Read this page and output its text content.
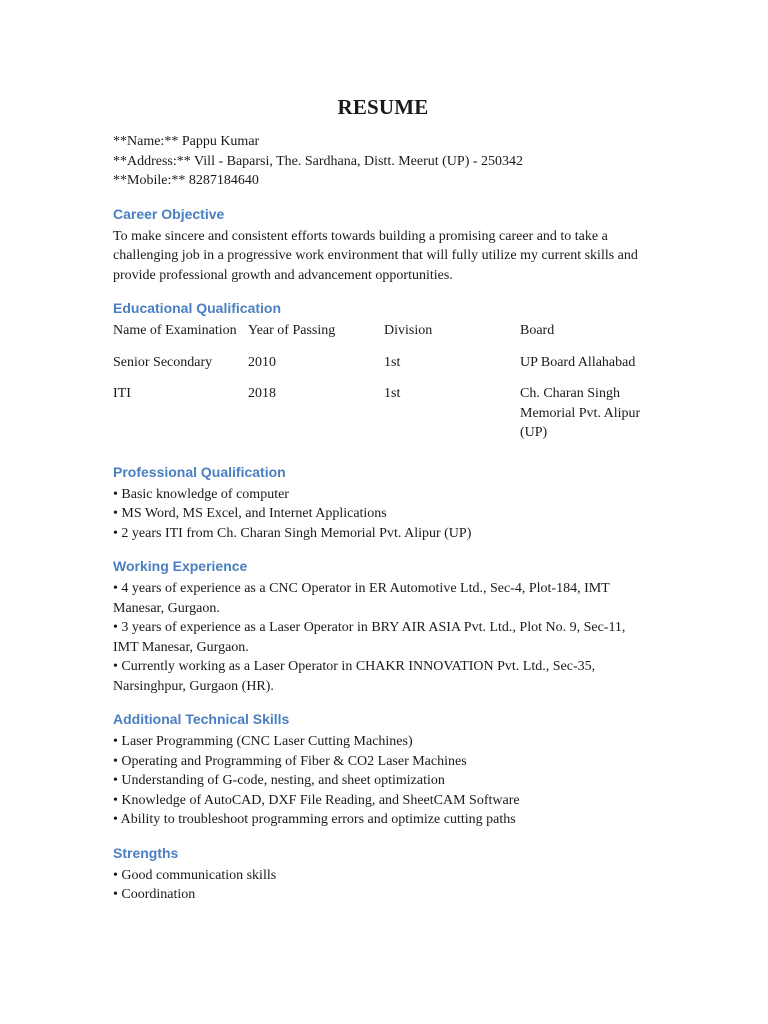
RESUME

**Name:** Pappu Kumar

**Address:** Vill - Baparsi, The. Sardhana, Distt. Meerut (UP) - 250342

**Mobile:** 8287184640

Career Objective

To make sincere and consistent efforts towards building a promising career and to take a challenging job in a progressive work environment that will fully utilize my current skills and provide professional growth and advancement opportunities.

Educational Qualification
Name of Examination	Year of Passing	Division	Board
Senior Secondary	2010	1st	UP Board Allahabad
ITI	2018	1st	Ch. Charan Singh Memorial Pvt. Alipur (UP)
Professional Qualification
• Basic knowledge of computer
• MS Word, MS Excel, and Internet Applications
• 2 years ITI from Ch. Charan Singh Memorial Pvt. Alipur (UP)
Working Experience
• 4 years of experience as a CNC Operator in ER Automotive Ltd., Sec-4, Plot-184, IMT Manesar, Gurgaon.
• 3 years of experience as a Laser Operator in BRY AIR ASIA Pvt. Ltd., Plot No. 9, Sec-11, IMT Manesar, Gurgaon.
• Currently working as a Laser Operator in CHAKR INNOVATION Pvt. Ltd., Sec-35, Narsinghpur, Gurgaon (HR).
Additional Technical Skills
• Laser Programming (CNC Laser Cutting Machines)
• Operating and Programming of Fiber & CO2 Laser Machines
• Understanding of G-code, nesting, and sheet optimization
• Knowledge of AutoCAD, DXF File Reading, and SheetCAM Software
• Ability to troubleshoot programming errors and optimize cutting paths
Strengths
• Good communication skills
• Coordination
